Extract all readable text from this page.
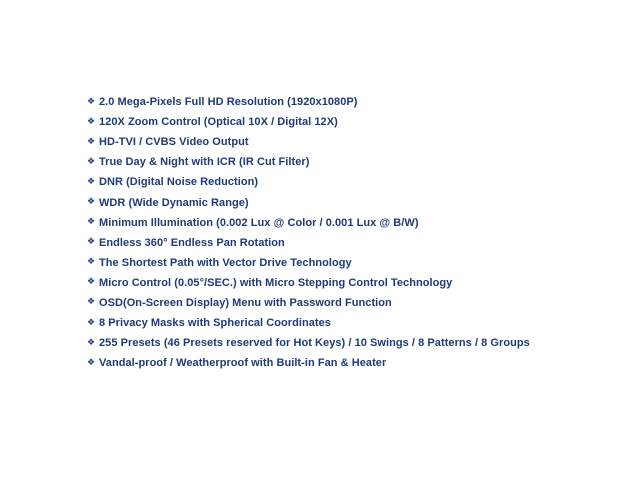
❖ 2.0 Mega-Pixels Full HD Resolution (1920x1080P)
❖ 120X Zoom Control (Optical 10X / Digital 12X)
❖ HD-TVI / CVBS Video Output
❖ True Day & Night with ICR (IR Cut Filter)
❖ DNR (Digital Noise Reduction)
❖ WDR (Wide Dynamic Range)
❖ Minimum Illumination (0.002 Lux @ Color / 0.001 Lux @ B/W)
❖ Endless 360° Endless Pan Rotation
❖ The Shortest Path with Vector Drive Technology
❖ Micro Control (0.05°/SEC.) with Micro Stepping Control Technology
❖ OSD(On-Screen Display) Menu with Password Function
❖ 8 Privacy Masks with Spherical Coordinates
❖ 255 Presets (46 Presets reserved for Hot Keys) / 10 Swings / 8 Patterns / 8 Groups
❖ Vandal-proof / Weatherproof with Built-in Fan & Heater
